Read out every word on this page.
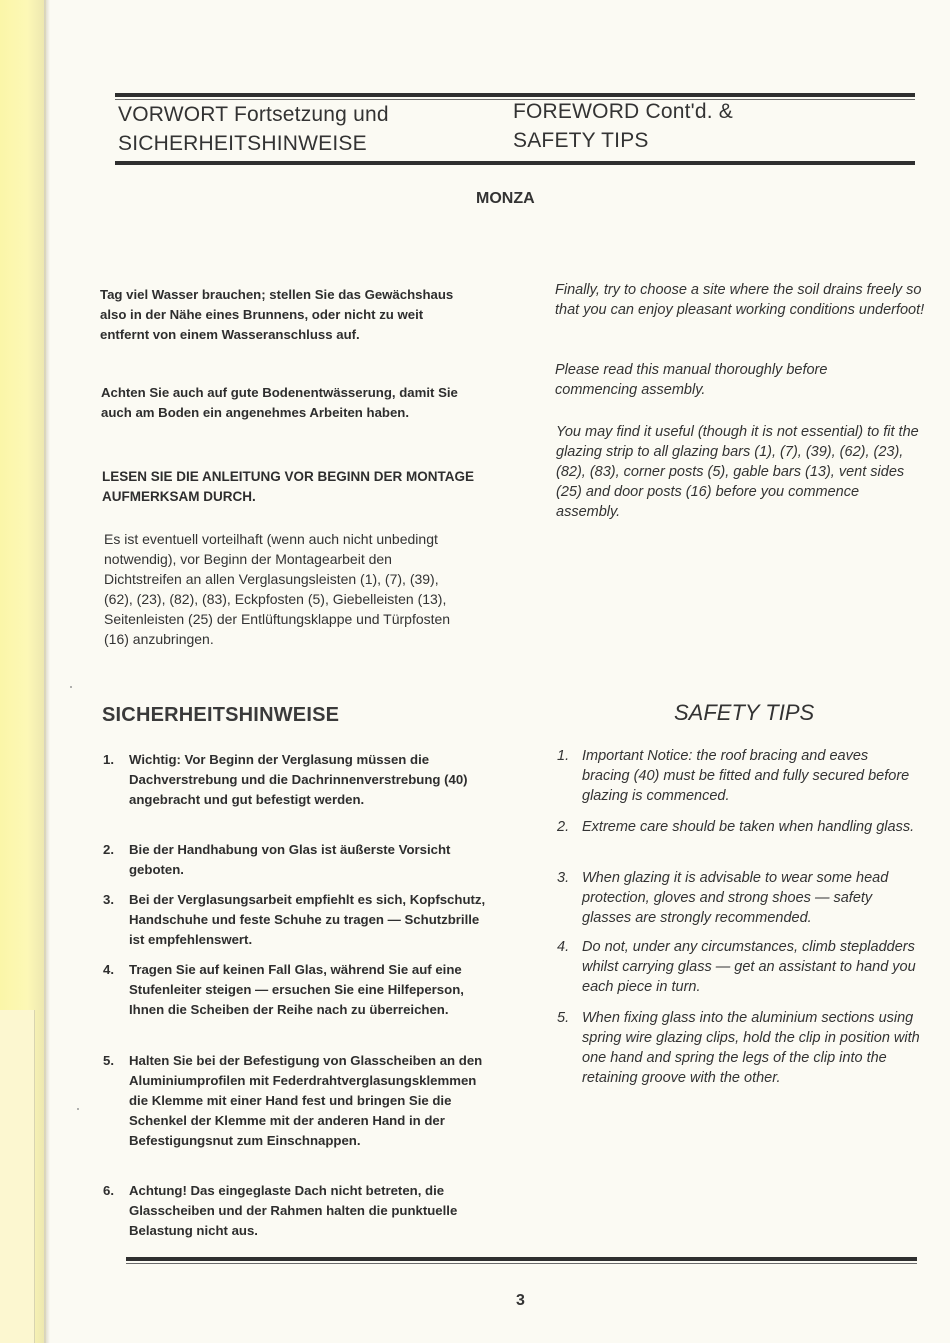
VORWORT Fortsetzung und
SICHERHEITSHINWEISE
FOREWORD Cont'd. &
SAFETY TIPS
MONZA
Tag viel Wasser brauchen; stellen Sie das Gewächshaus also in der Nähe eines Brunnens, oder nicht zu weit entfernt von einem Wasseranschluss auf.
Achten Sie auch auf gute Bodenentwässerung, damit Sie auch am Boden ein angenehmes Arbeiten haben.
LESEN SIE DIE ANLEITUNG VOR BEGINN DER MONTAGE AUFMERKSAM DURCH.
Es ist eventuell vorteilhaft (wenn auch nicht unbedingt notwendig), vor Beginn der Montagearbeit den Dichtstreifen an allen Verglasungsleisten (1), (7), (39), (62), (23), (82), (83), Eckpfosten (5), Giebelleisten (13), Seitenleisten (25) der Entlüftungsklappe und Türpfosten (16) anzubringen.
Finally, try to choose a site where the soil drains freely so that you can enjoy pleasant working conditions underfoot!
Please read this manual thoroughly before commencing assembly.
You may find it useful (though it is not essential) to fit the glazing strip to all glazing bars (1), (7), (39), (62), (23), (82), (83), corner posts (5), gable bars (13), vent sides (25) and door posts (16) before you commence assembly.
SICHERHEITSHINWEISE	SAFETY TIPS
1. Wichtig: Vor Beginn der Verglasung müssen die Dachverstrebung und die Dachrinnenverstrebung (40) angebracht und gut befestigt werden.
2. Bie der Handhabung von Glas ist äußerste Vorsicht geboten.
3. Bei der Verglasungsarbeit empfiehlt es sich, Kopfschutz, Handschuhe und feste Schuhe zu tragen — Schutzbrille ist empfehlenswert.
4. Tragen Sie auf keinen Fall Glas, während Sie auf eine Stufenleiter steigen — ersuchen Sie eine Hilfeperson, Ihnen die Scheiben der Reihe nach zu überreichen.
5. Halten Sie bei der Befestigung von Glasscheiben an den Aluminiumprofilen mit Federdrahtverglasungsklemmen die Klemme mit einer Hand fest und bringen Sie die Schenkel der Klemme mit der anderen Hand in der Befestigungsnut zum Einschnappen.
6. Achtung! Das eingeglaste Dach nicht betreten, die Glasscheiben und der Rahmen halten die punktuelle Belastung nicht aus.
1. Important Notice: the roof bracing and eaves bracing (40) must be fitted and fully secured before glazing is commenced.
2. Extreme care should be taken when handling glass.
3. When glazing it is advisable to wear some head protection, gloves and strong shoes — safety glasses are strongly recommended.
4. Do not, under any circumstances, climb stepladders whilst carrying glass — get an assistant to hand you each piece in turn.
5. When fixing glass into the aluminium sections using spring wire glazing clips, hold the clip in position with one hand and spring the legs of the clip into the retaining groove with the other.
3
